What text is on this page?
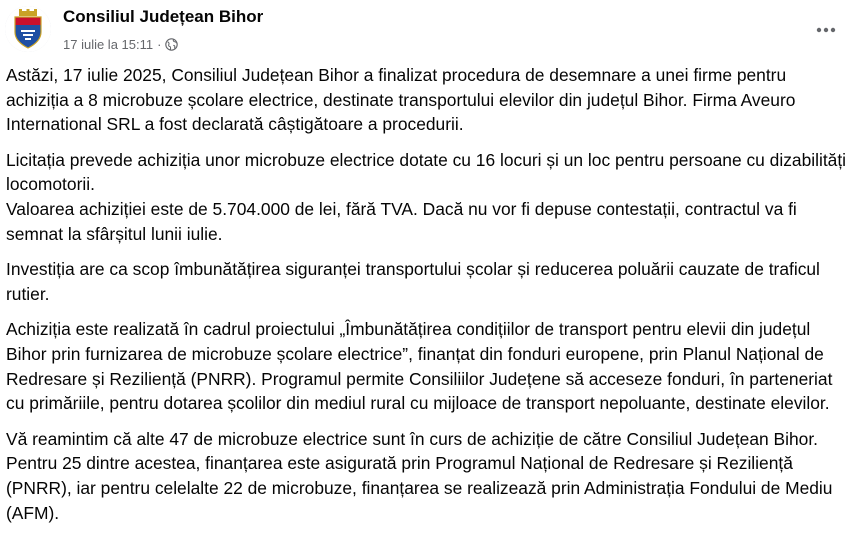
Consiliul Județean Bihor
17 iulie la 15:11 ·

Astăzi, 17 iulie 2025, Consiliul Județean Bihor a finalizat procedura de desemnare a unei firme pentru achiziția a 8 microbuze școlare electrice, destinate transportului elevilor din județul Bihor. Firma Aveuro International SRL a fost declarată câștigătoare a procedurii.

Licitația prevede achiziția unor microbuze electrice dotate cu 16 locuri și un loc pentru persoane cu dizabilități locomotorii.
Valoarea achiziției este de 5.704.000 de lei, fără TVA. Dacă nu vor fi depuse contestații, contractul va fi semnat la sfârșitul lunii iulie.

Investiția are ca scop îmbunătățirea siguranței transportului școlar și reducerea poluării cauzate de traficul rutier.

Achiziția este realizată în cadrul proiectului „Îmbunătățirea condițiilor de transport pentru elevii din județul Bihor prin furnizarea de microbuze școlare electrice”, finanțat din fonduri europene, prin Planul Național de Redresare și Reziliență (PNRR). Programul permite Consiliilor Județene să acceseze fonduri, în parteneriat cu primăriile, pentru dotarea școlilor din mediul rural cu mijloace de transport nepoluante, destinate elevilor.

Vă reamintim că alte 47 de microbuze electrice sunt în curs de achiziție de către Consiliul Județean Bihor. Pentru 25 dintre acestea, finanțarea este asigurată prin Programul Național de Redresare și Reziliență (PNRR), iar pentru celelalte 22 de microbuze, finanțarea se realizează prin Administrația Fondului de Mediu (AFM).
